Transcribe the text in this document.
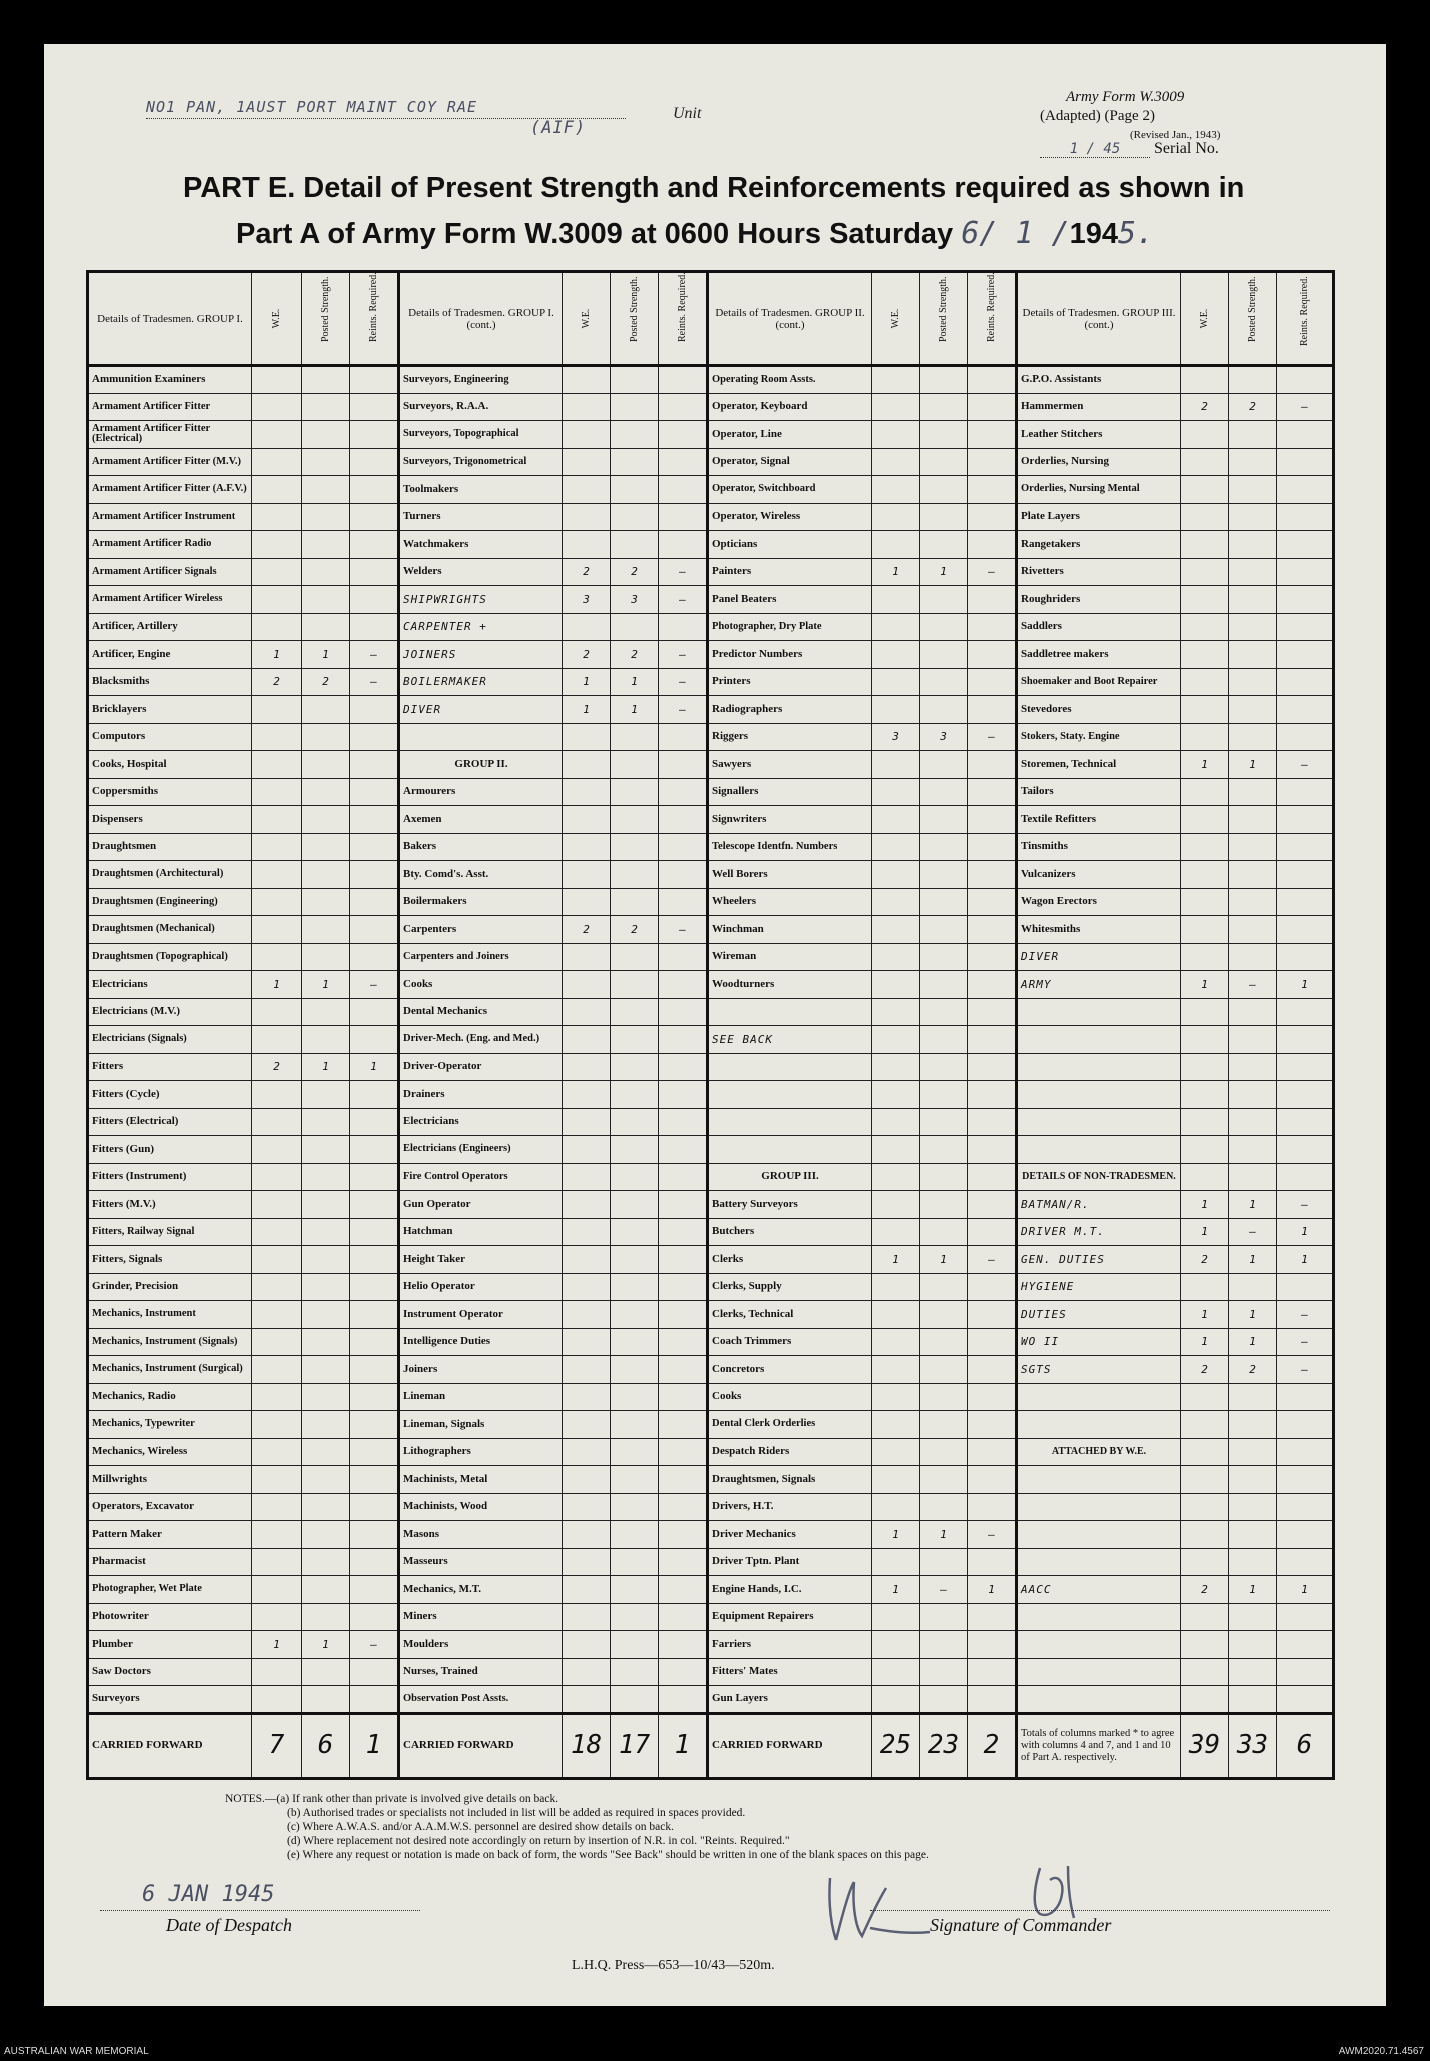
NO1 PAN, 1AUST PORT MAINT COY RAE	Unit
(AIF)
Army Form W.3009
(Adapted) (Page 2)
(Revised Jan., 1943)
1 / 45 Serial No.
PART E. Detail of Present Strength and Reinforcements required as shown in
Part A of Army Form W.3009 at 0600 Hours Saturday 6/ 1 /1945.
Details of Tradesmen. GROUP I.	W.E.	Posted Strength.	Reints. Required.	Details of Tradesmen. GROUP I. (cont.)	W.E.	Posted Strength.	Reints. Required.	Details of Tradesmen. GROUP II. (cont.)	W.E.	Posted Strength.	Reints. Required.	Details of Tradesmen. GROUP III. (cont.)	W.E.	Posted Strength.	Reints. Required.

Ammunition Examiners				Surveyors, Engineering				Operating Room Assts.				G.P.O. Assistants			
Armament Artificer Fitter				Surveyors, R.A.A.				Operator, Keyboard				Hammermen	2	2	—
Armament Artificer Fitter (Electrical)				Surveyors, Topographical				Operator, Line				Leather Stitchers			
Armament Artificer Fitter (M.V.)				Surveyors, Trigonometrical				Operator, Signal				Orderlies, Nursing			
Armament Artificer Fitter (A.F.V.)				Toolmakers				Operator, Switchboard				Orderlies, Nursing Mental			
Armament Artificer Instrument				Turners				Operator, Wireless				Plate Layers			
Armament Artificer Radio				Watchmakers				Opticians				Rangetakers			
Armament Artificer Signals				Welders	2	2	—	Painters	1	1	—	Rivetters			
Armament Artificer Wireless				SHIPWRIGHTS	3	3	—	Panel Beaters				Roughriders			
Artificer, Artillery				CARPENTER +				Photographer, Dry Plate				Saddlers			
Artificer, Engine	1	1	—	JOINERS	2	2	—	Predictor Numbers				Saddletree makers			
Blacksmiths	2	2	—	BOILERMAKER	1	1	—	Printers				Shoemaker and Boot Repairer			
Bricklayers				DIVER	1	1	—	Radiographers				Stevedores			
Computors								Riggers	3	3	—	Stokers, Staty. Engine			
Cooks, Hospital				GROUP II.				Sawyers				Storemen, Technical	1	1	—
Coppersmiths				Armourers				Signallers				Tailors			
Dispensers				Axemen				Signwriters				Textile Refitters			
Draughtsmen				Bakers				Telescope Identfn. Numbers				Tinsmiths			
Draughtsmen (Architectural)				Bty. Comd's. Asst.				Well Borers				Vulcanizers			
Draughtsmen (Engineering)				Boilermakers				Wheelers				Wagon Erectors			
Draughtsmen (Mechanical)				Carpenters	2	2	—	Winchman				Whitesmiths			
Draughtsmen (Topographical)				Carpenters and Joiners				Wireman				DIVER			
Electricians	1	1	—	Cooks				Woodturners				ARMY	1	—	1
Electricians (M.V.)				Dental Mechanics											
Electricians (Signals)				Driver-Mech. (Eng. and Med.)				SEE BACK							
Fitters	2	1	1	Driver-Operator											
Fitters (Cycle)				Drainers											
Fitters (Electrical)				Electricians											
Fitters (Gun)				Electricians (Engineers)											
Fitters (Instrument)				Fire Control Operators				GROUP III.				DETAILS OF NON-TRADESMEN.			
Fitters (M.V.)				Gun Operator				Battery Surveyors				BATMAN/R.	1	1	—
Fitters, Railway Signal				Hatchman				Butchers				DRIVER M.T.	1	—	1
Fitters, Signals				Height Taker				Clerks	1	1	—	GEN. DUTIES	2	1	1
Grinder, Precision				Helio Operator				Clerks, Supply				HYGIENE			
Mechanics, Instrument				Instrument Operator				Clerks, Technical				DUTIES	1	1	—
Mechanics, Instrument (Signals)				Intelligence Duties				Coach Trimmers				WO II	1	1	—
Mechanics, Instrument (Surgical)				Joiners				Concretors				SGTS	2	2	—
Mechanics, Radio				Lineman				Cooks							
Mechanics, Typewriter				Lineman, Signals				Dental Clerk Orderlies							
Mechanics, Wireless				Lithographers				Despatch Riders				ATTACHED BY W.E.			
Millwrights				Machinists, Metal				Draughtsmen, Signals							
Operators, Excavator				Machinists, Wood				Drivers, H.T.							
Pattern Maker				Masons				Driver Mechanics	1	1	—				
Pharmacist				Masseurs				Driver Tptn. Plant							
Photographer, Wet Plate				Mechanics, M.T.				Engine Hands, I.C.	1	—	1	AACC	2	1	1
Photowriter				Miners				Equipment Repairers							
Plumber	1	1	—	Moulders				Farriers							
Saw Doctors				Nurses, Trained				Fitters' Mates							
Surveyors				Observation Post Assts.				Gun Layers							
CARRIED FORWARD	7	6	1	CARRIED FORWARD	18	17	1	CARRIED FORWARD	25	23	2	Totals of columns marked * to agree with columns 4 and 7, and 1 and 10 of Part A. respectively.	39	33	6
NOTES.—(a) If rank other than private is involved give details on back.
(b) Authorised trades or specialists not included in list will be added as required in spaces provided.
(c) Where A.W.A.S. and/or A.A.M.W.S. personnel are desired show details on back.
(d) Where replacement not desired note accordingly on return by insertion of N.R. in col. "Reints. Required."
(e) Where any request or notation is made on back of form, the words "See Back" should be written in one of the blank spaces on this page.
6 JAN 1945
Date of Despatch	Signature of Commander
L.H.Q. Press—653—10/43—520m.
AUSTRALIAN WAR MEMORIAL	AWM2020.71.4567
